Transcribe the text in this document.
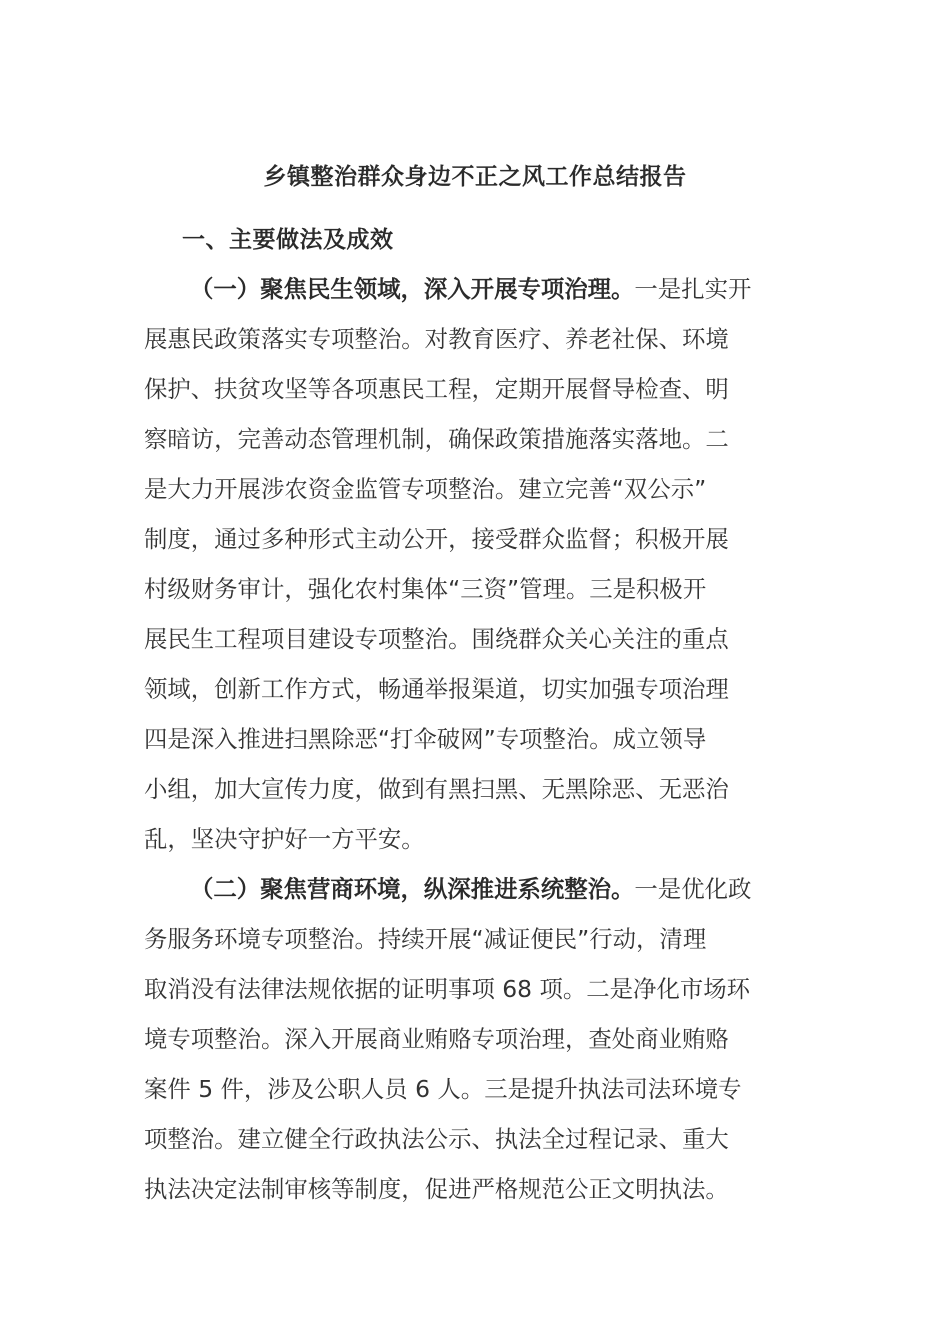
乡镇整治群众身边不正之风工作总结报告
一、主要做法及成效
（一）聚焦民生领域，深入开展专项治理。一是扎实开
展惠民政策落实专项整治。对教育医疗、养老社保、环境
保护、扶贫攻坚等各项惠民工程，定期开展督导检查、明
察暗访，完善动态管理机制，确保政策措施落实落地。二
是大力开展涉农资金监管专项整治。建立完善“双公示”
制度，通过多种形式主动公开，接受群众监督；积极开展
村级财务审计，强化农村集体“三资”管理。三是积极开
展民生工程项目建设专项整治。围绕群众关心关注的重点
领域，创新工作方式，畅通举报渠道，切实加强专项治理
四是深入推进扫黑除恶“打伞破网”专项整治。成立领导
小组，加大宣传力度，做到有黑扫黑、无黑除恶、无恶治
乱，坚决守护好一方平安。
（二）聚焦营商环境，纵深推进系统整治。一是优化政
务服务环境专项整治。持续开展“减证便民”行动，清理
取消没有法律法规依据的证明事项 68 项。二是净化市场环
境专项整治。深入开展商业贿赂专项治理，查处商业贿赂
案件 5 件，涉及公职人员 6 人。三是提升执法司法环境专
项整治。建立健全行政执法公示、执法全过程记录、重大
执法决定法制审核等制度，促进严格规范公正文明执法。
